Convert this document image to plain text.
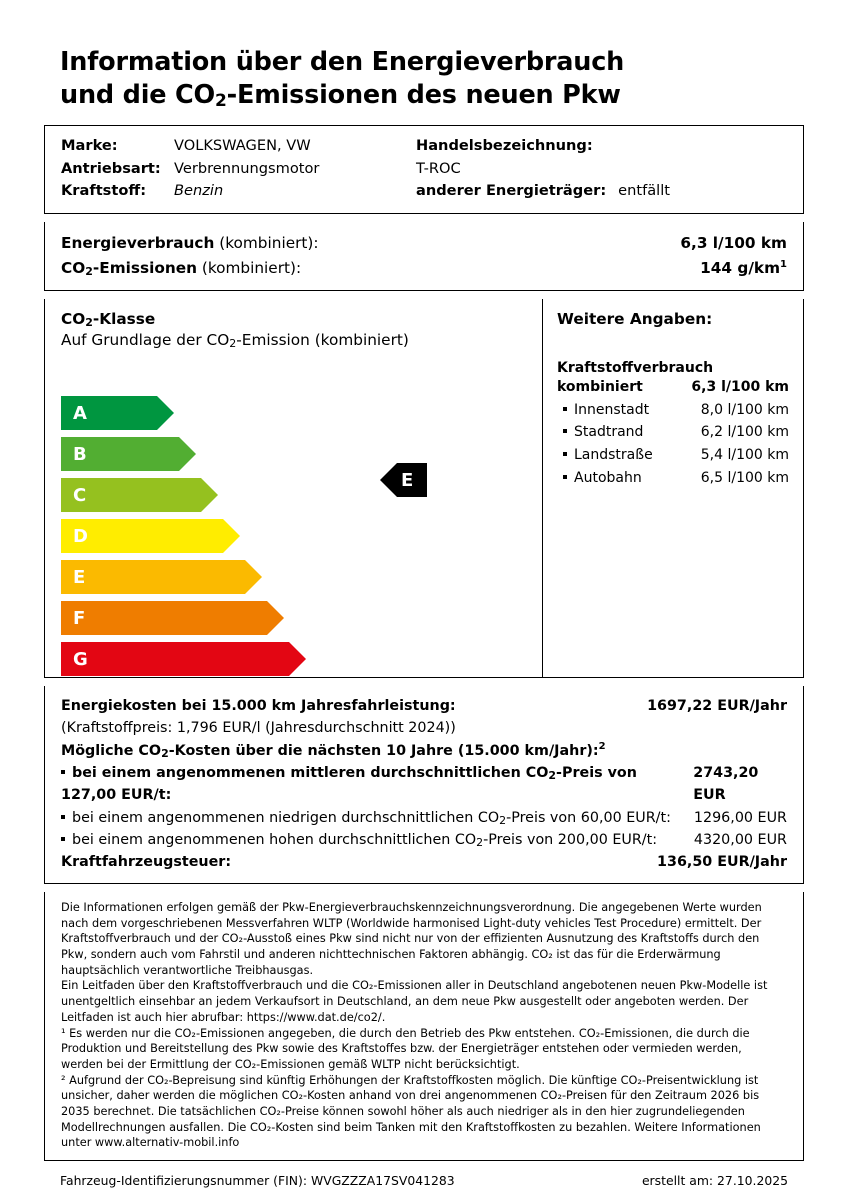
Information über den Energieverbrauch
und die $CO_2$-Emissionen des neuen Pkw
Marke:	VOLKSWAGEN, VW
Antriebsart: Verbrennungsmotor
Kraftstoff:	Benzin
Handelsbezeichnung:
T-ROC
anderer Energieträger: entfällt
Energieverbrauch (kombiniert):	6,3 l/100 km
$CO_2$-Emissionen (kombiniert):	144 $g/km^1$
$CO_2$-Klasse

Auf Grundlage der $CO_2$-Emission (kombiniert)

A
B
C
D
E
F
G
E
Weitere Angaben:
Kraftstoffverbrauch
kombiniert	6,3 l/100 km
Innenstadt	8,0 l/100 km
Stadtrand	6,2 l/100 km
Landstraße	5,4 l/100 km
Autobahn	6,5 l/100 km
Energiekosten bei 15.000 km Jahresfahrleistung:	1697,22 EUR/Jahr
(Kraftstoffpreis: 1,796 EUR/l (Jahresdurchschnitt 2024))
Mögliche $CO_2$-Kosten über die nächsten 10 Jahre (15.000 km/Jahr):$^2$
bei einem angenommenen mittleren durchschnittlichen $CO_2$-Preis von 127,00 EUR/t:
2743,20 EUR
bei einem angenommenen niedrigen durchschnittlichen $CO_2$-Preis von 60,00 EUR/t: 1296,00 EUR
bei einem angenommenen hohen durchschnittlichen $CO_2$-Preis von 200,00 EUR/t:	4320,00 EUR
Kraftfahrzeugsteuer:	136,50 EUR/Jahr

Die Informationen erfolgen gemäß der Pkw-Energieverbrauchskennzeichnungsverordnung. Die angegebenen Werte wurden nach dem vorgeschriebenen Messverfahren WLTP (Worldwide harmonised Light-duty vehicles Test Procedure) ermittelt. Der Kraftstoffverbrauch und der CO₂-Ausstoß eines Pkw sind nicht nur von der effizienten Ausnutzung des Kraftstoffs durch den Pkw, sondern auch vom Fahrstil und anderen nichttechnischen Faktoren abhängig. CO₂ ist das für die Erderwärmung hauptsächlich verantwortliche Treibhausgas.

Ein Leitfaden über den Kraftstoffverbrauch und die CO₂-Emissionen aller in Deutschland angebotenen neuen Pkw-Modelle ist unentgeltlich einsehbar an jedem Verkaufsort in Deutschland, an dem neue Pkw ausgestellt oder angeboten werden. Der Leitfaden ist auch hier abrufbar: https://www.dat.de/co2/.

¹ Es werden nur die CO₂-Emissionen angegeben, die durch den Betrieb des Pkw entstehen. CO₂-Emissionen, die durch die Produktion und Bereitstellung des Pkw sowie des Kraftstoffes bzw. der Energieträger entstehen oder vermieden werden, werden bei der Ermittlung der CO₂-Emissionen gemäß WLTP nicht berücksichtigt.

² Aufgrund der CO₂-Bepreisung sind künftig Erhöhungen der Kraftstoffkosten möglich. Die künftige CO₂-Preisentwicklung ist unsicher, daher werden die möglichen CO₂-Kosten anhand von drei angenommenen CO₂-Preisen für den Zeitraum 2026 bis 2035 berechnet. Die tatsächlichen CO₂-Preise können sowohl höher als auch niedriger als in den hier zugrundeliegenden Modellrechnungen ausfallen. Die CO₂-Kosten sind beim Tanken mit den Kraftstoffkosten zu bezahlen. Weitere Informationen unter www.alternativ-mobil.info

Fahrzeug-Identifizierungsnummer (FIN): WVGZZZA17SV041283	erstellt am: 27.10.2025
